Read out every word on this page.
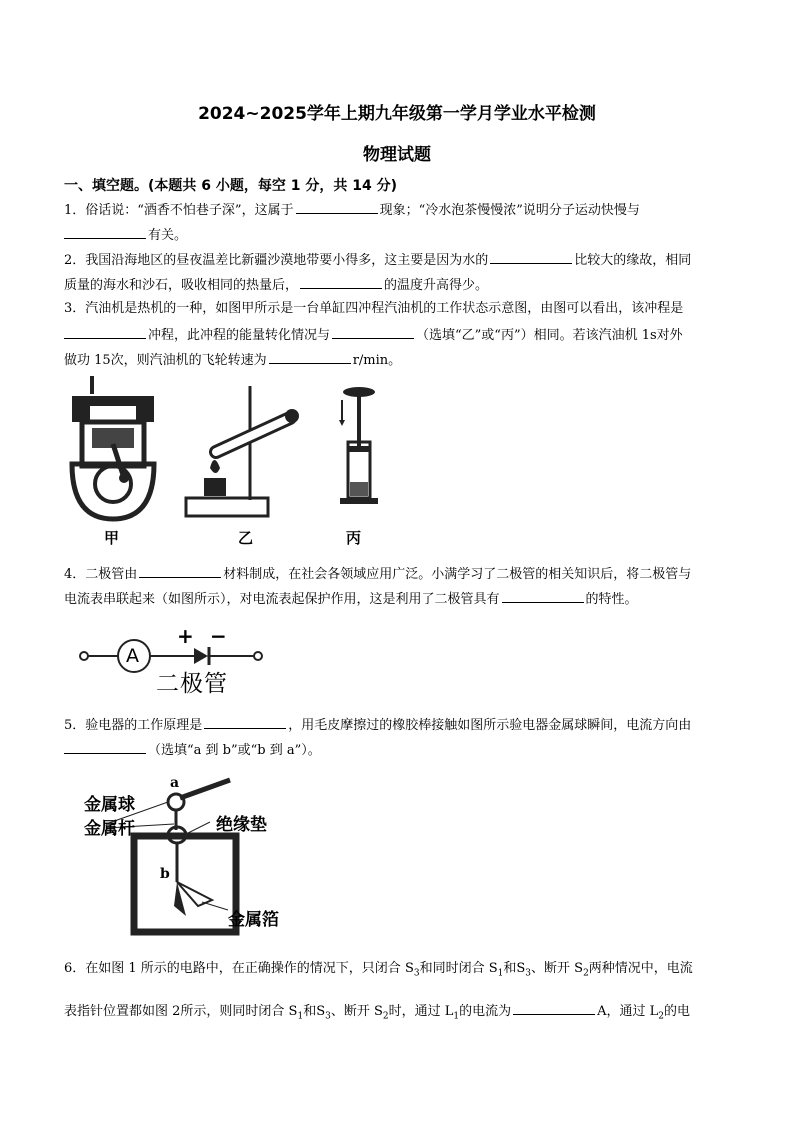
2024~2025学年上期九年级第一学月学业水平检测
物理试题
一、填空题。(本题共 6 小题，每空 1 分，共 14 分)
1．俗话说：“酒香不怕巷子深”，这属于	现象；“冷水泡茶慢慢浓”说明分子运动快慢与
有关。
2．我国沿海地区的昼夜温差比新疆沙漠地带要小得多，这主要是因为水的	比较大的缘故，相同
质量的海水和沙石，吸收相同的热量后，	的温度升高得少。
3．汽油机是热机的一种，如图甲所示是一台单缸四冲程汽油机的工作状态示意图，由图可以看出，该冲程是
冲程，此冲程的能量转化情况与	（选填“乙”或“丙”）相同。若该汽油机 1s对外
做功 15次，则汽油机的飞轮转速为	r/min。
甲	乙	丙
4．二极管由	材料制成，在社会各领域应用广泛。小满学习了二极管的相关知识后，将二极管与
电流表串联起来（如图所示），对电流表起保护作用，这是利用了二极管具有	的特性。
A
+ −
二极管
5．验电器的工作原理是	，用毛皮摩擦过的橡胶棒接触如图所示验电器金属球瞬间，电流方向由
（选填“a 到 b”或“b 到 a”）。
a
b
金属球
金属杆	绝缘垫
金属箔
6．在如图 1 所示的电路中，在正确操作的情况下，只闭合 $S_3$和同时闭合 $S_1$和$S_3$、断开 $S_2$两种情况中，电流
表指针位置都如图 2所示，则同时闭合 $S_1$和$S_3$、断开 $S_2$时，通过 $L_1$的电流为	A，通过 $L_2$的电
